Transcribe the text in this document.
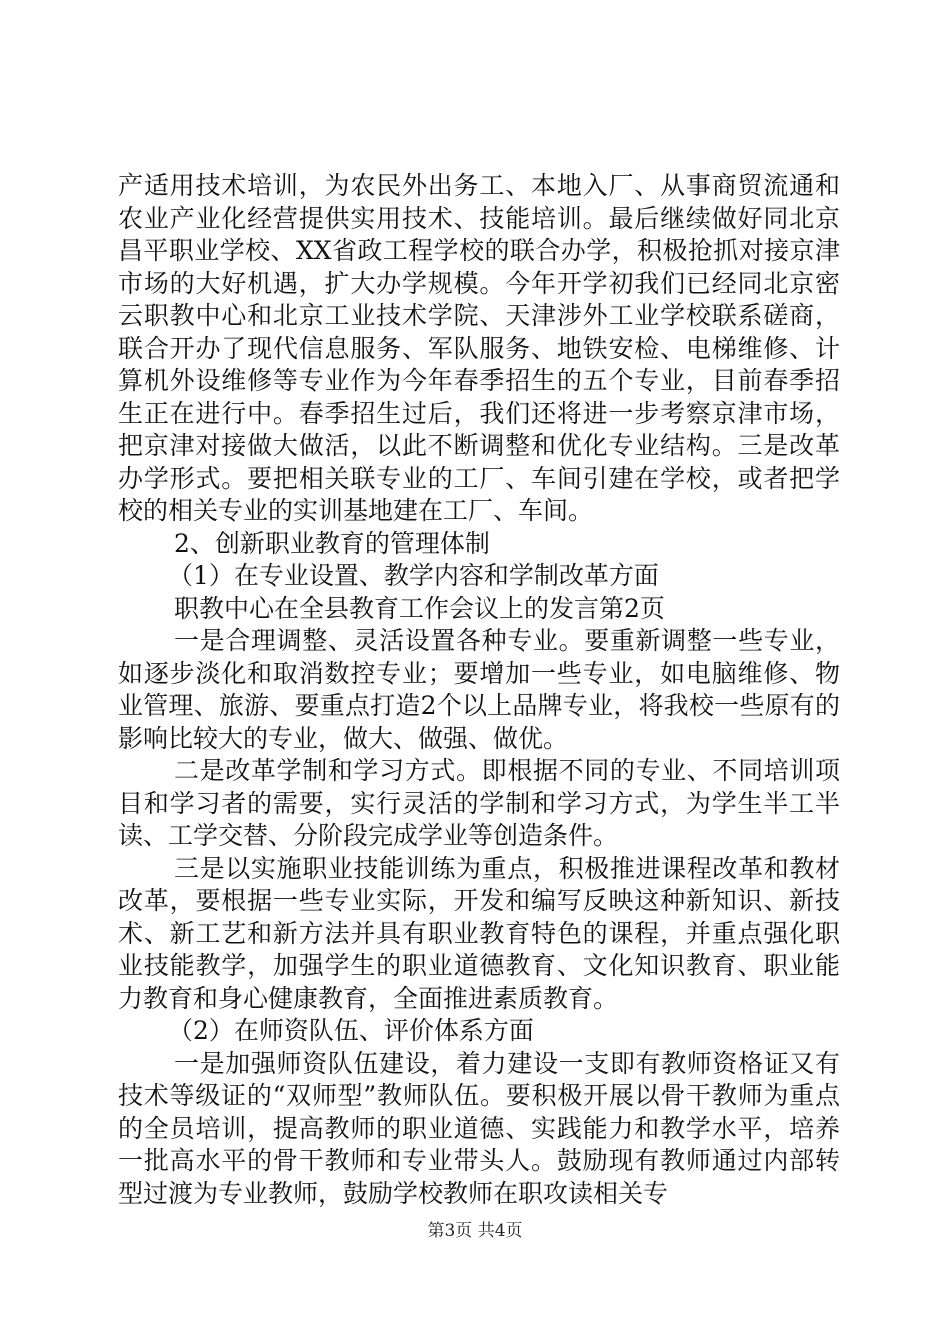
产适用技术培训，为农民外出务工、本地入厂、从事商贸流通和农业产业化经营提供实用技术、技能培训。最后继续做好同北京昌平职业学校、XX省政工程学校的联合办学，积极抢抓对接京津市场的大好机遇，扩大办学规模。今年开学初我们已经同北京密云职教中心和北京工业技术学院、天津涉外工业学校联系磋商，联合开办了现代信息服务、军队服务、地铁安检、电梯维修、计算机外设维修等专业作为今年春季招生的五个专业，目前春季招生正在进行中。春季招生过后，我们还将进一步考察京津市场，把京津对接做大做活，以此不断调整和优化专业结构。三是改革办学形式。要把相关联专业的工厂、车间引建在学校，或者把学校的相关专业的实训基地建在工厂、车间。

2、创新职业教育的管理体制

（1）在专业设置、教学内容和学制改革方面

职教中心在全县教育工作会议上的发言第2页

一是合理调整、灵活设置各种专业。要重新调整一些专业，如逐步淡化和取消数控专业；要增加一些专业，如电脑维修、物业管理、旅游、要重点打造2个以上品牌专业，将我校一些原有的影响比较大的专业，做大、做强、做优。

二是改革学制和学习方式。即根据不同的专业、不同培训项目和学习者的需要，实行灵活的学制和学习方式，为学生半工半读、工学交替、分阶段完成学业等创造条件。

三是以实施职业技能训练为重点，积极推进课程改革和教材改革，要根据一些专业实际，开发和编写反映这种新知识、新技术、新工艺和新方法并具有职业教育特色的课程，并重点强化职业技能教学，加强学生的职业道德教育、文化知识教育、职业能力教育和身心健康教育，全面推进素质教育。

（2）在师资队伍、评价体系方面

一是加强师资队伍建设，着力建设一支即有教师资格证又有技术等级证的“双师型”教师队伍。要积极开展以骨干教师为重点的全员培训，提高教师的职业道德、实践能力和教学水平，培养一批高水平的骨干教师和专业带头人。鼓励现有教师通过内部转型过渡为专业教师，鼓励学校教师在职攻读相关专

第3页 共4页
